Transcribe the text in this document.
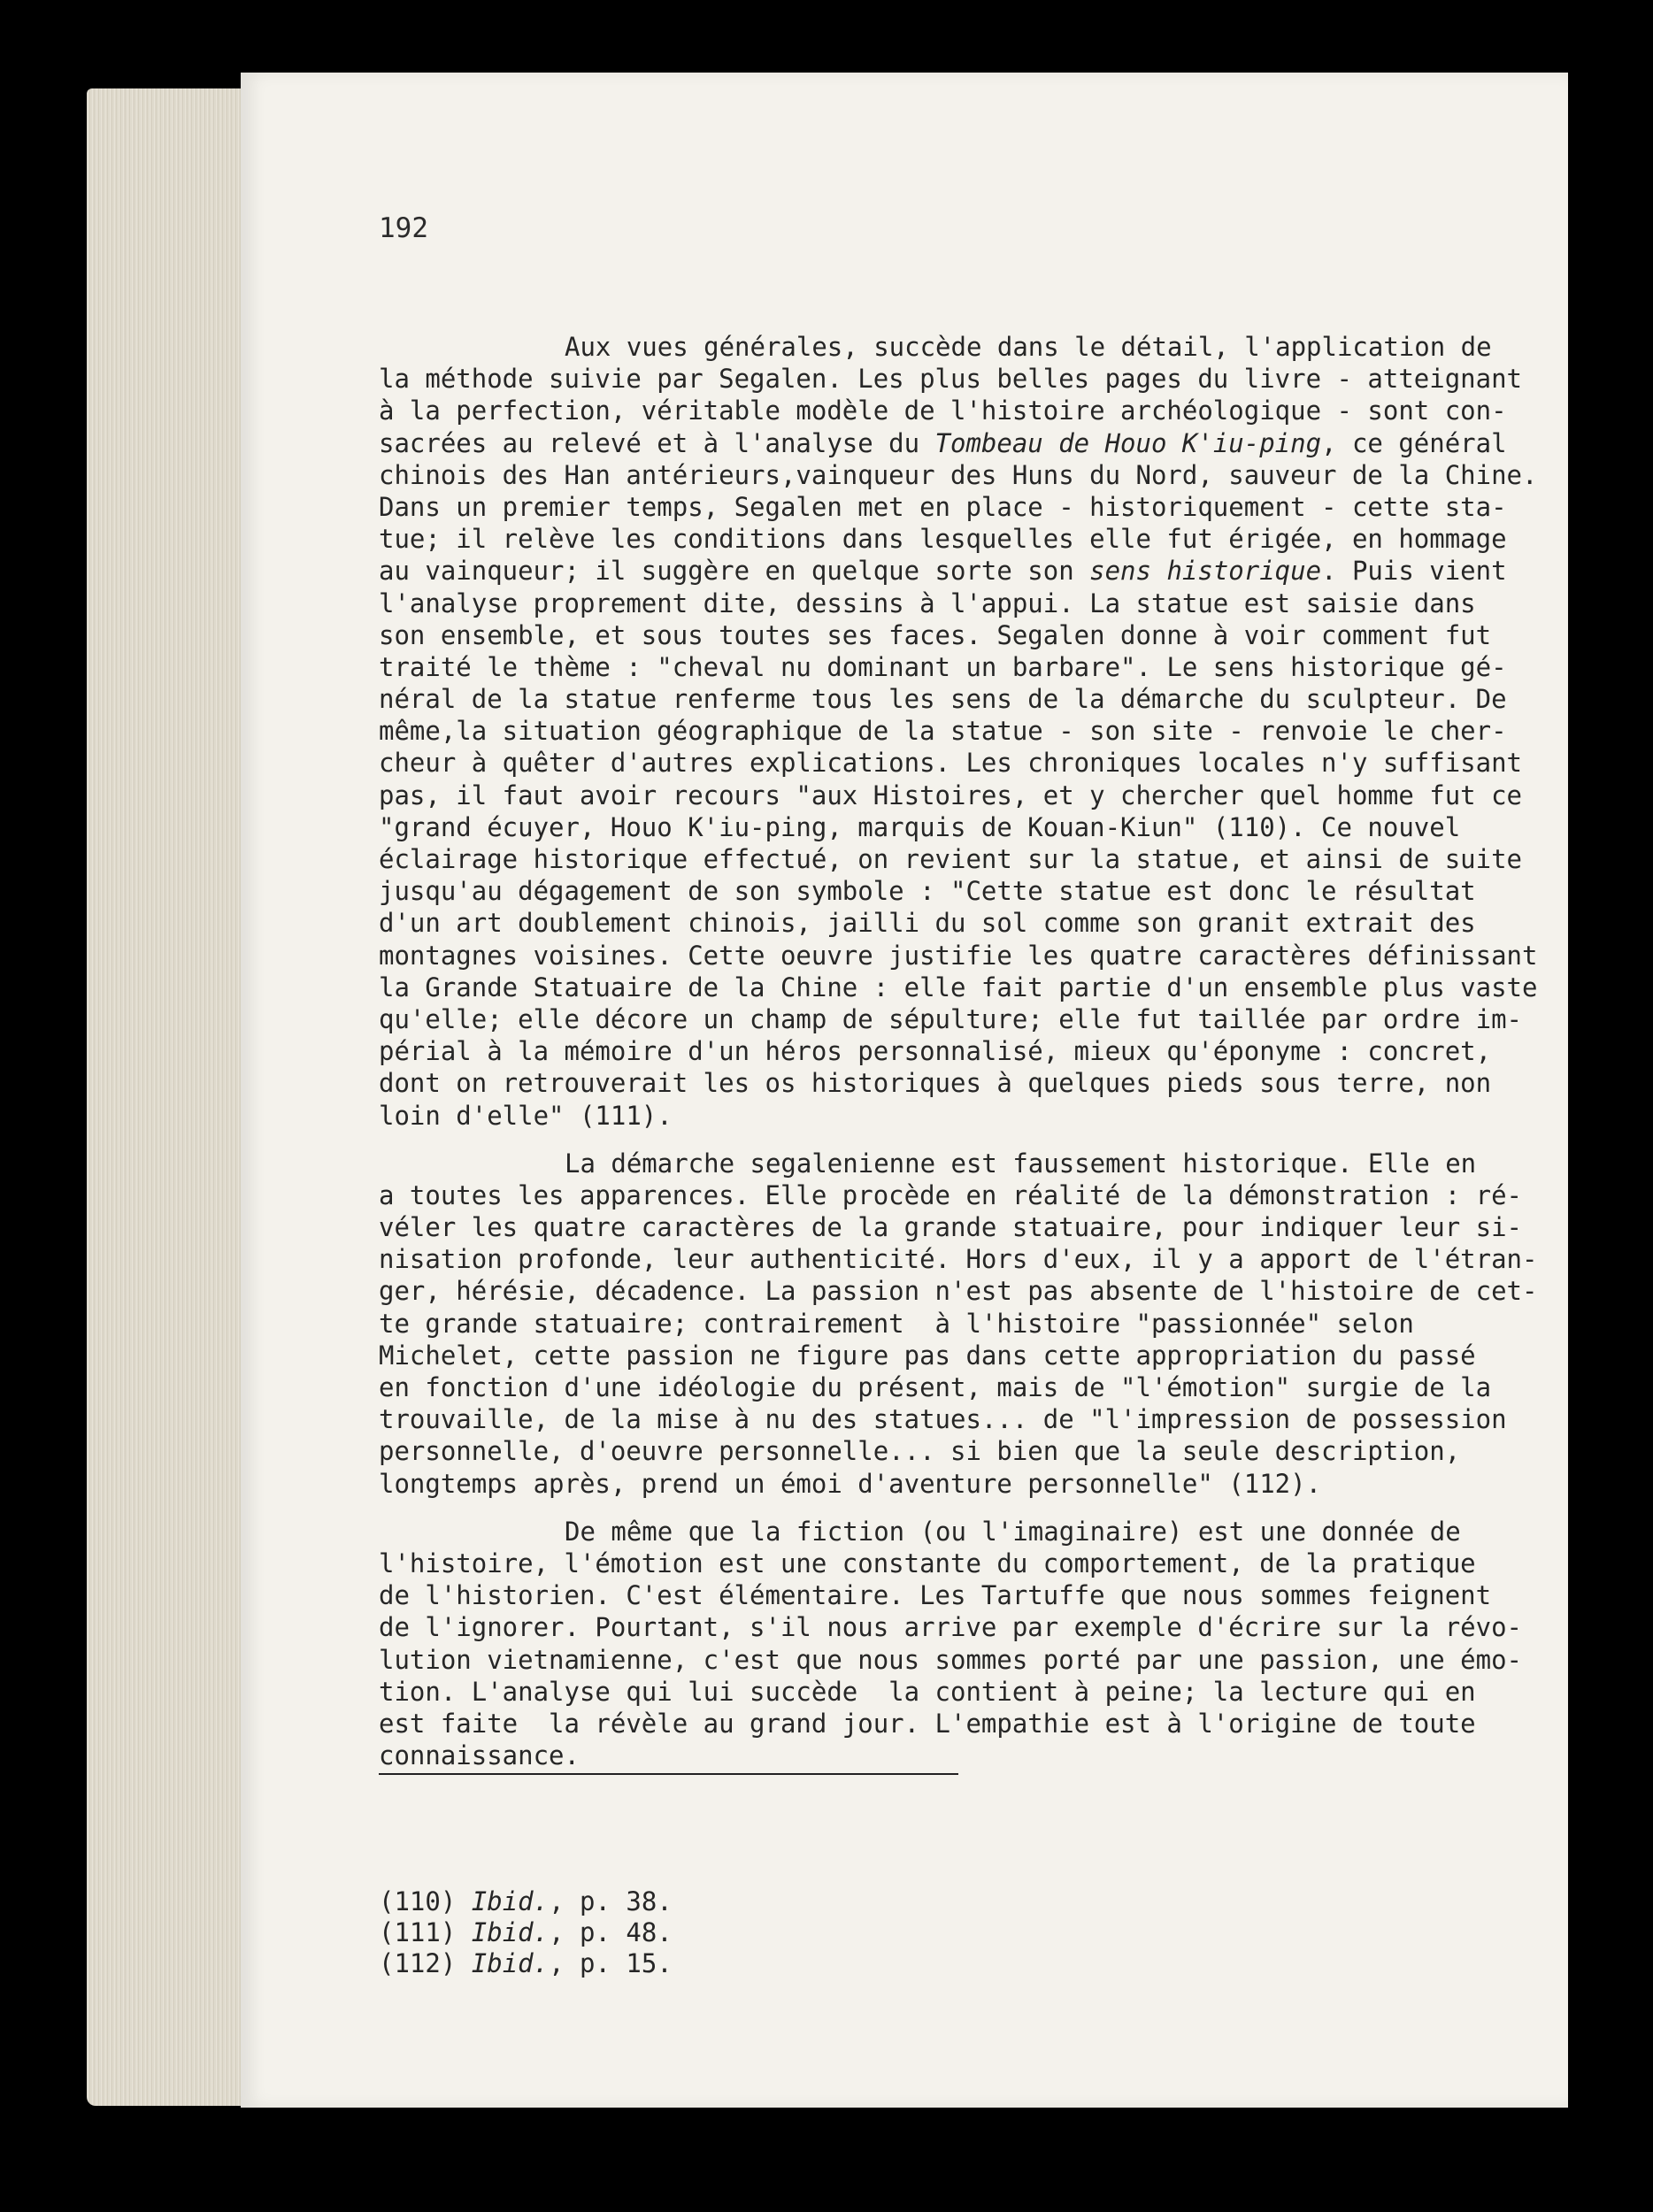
192

Aux vues générales, succède dans le détail, l'application de
la méthode suivie par Segalen. Les plus belles pages du livre - atteignant
à la perfection, véritable modèle de l'histoire archéologique - sont con-
sacrées au relevé et à l'analyse du Tombeau de Houo K'iu-ping, ce général
chinois des Han antérieurs,vainqueur des Huns du Nord, sauveur de la Chine.
Dans un premier temps, Segalen met en place - historiquement - cette sta-
tue; il relève les conditions dans lesquelles elle fut érigée, en hommage
au vainqueur; il suggère en quelque sorte son sens historique. Puis vient
l'analyse proprement dite, dessins à l'appui. La statue est saisie dans
son ensemble, et sous toutes ses faces. Segalen donne à voir comment fut
traité le thème : "cheval nu dominant un barbare". Le sens historique gé-
néral de la statue renferme tous les sens de la démarche du sculpteur. De
même,la situation géographique de la statue - son site - renvoie le cher-
cheur à quêter d'autres explications. Les chroniques locales n'y suffisant
pas, il faut avoir recours "aux Histoires, et y chercher quel homme fut ce
"grand écuyer, Houo K'iu-ping, marquis de Kouan-Kiun" (110). Ce nouvel
éclairage historique effectué, on revient sur la statue, et ainsi de suite
jusqu'au dégagement de son symbole : "Cette statue est donc le résultat
d'un art doublement chinois, jailli du sol comme son granit extrait des
montagnes voisines. Cette oeuvre justifie les quatre caractères définissant
la Grande Statuaire de la Chine : elle fait partie d'un ensemble plus vaste
qu'elle; elle décore un champ de sépulture; elle fut taillée par ordre im-
périal à la mémoire d'un héros personnalisé, mieux qu'éponyme : concret,
dont on retrouverait les os historiques à quelques pieds sous terre, non
loin d'elle" (111).
La démarche segalenienne est faussement historique. Elle en
a toutes les apparences. Elle procède en réalité de la démonstration : ré-
véler les quatre caractères de la grande statuaire, pour indiquer leur si-
nisation profonde, leur authenticité. Hors d'eux, il y a apport de l'étran-
ger, hérésie, décadence. La passion n'est pas absente de l'histoire de cet-
te grande statuaire; contrairement  à l'histoire "passionnée" selon
Michelet, cette passion ne figure pas dans cette appropriation du passé
en fonction d'une idéologie du présent, mais de "l'émotion" surgie de la
trouvaille, de la mise à nu des statues... de "l'impression de possession
personnelle, d'oeuvre personnelle... si bien que la seule description,
longtemps après, prend un émoi d'aventure personnelle" (112).
De même que la fiction (ou l'imaginaire) est une donnée de
l'histoire, l'émotion est une constante du comportement, de la pratique
de l'historien. C'est élémentaire. Les Tartuffe que nous sommes feignent
de l'ignorer. Pourtant, s'il nous arrive par exemple d'écrire sur la révo-
lution vietnamienne, c'est que nous sommes porté par une passion, une émo-
tion. L'analyse qui lui succède  la contient à peine; la lecture qui en
est faite  la révèle au grand jour. L'empathie est à l'origine de toute
connaissance.
(110) Ibid., p. 38.
(111) Ibid., p. 48.
(112) Ibid., p. 15.
